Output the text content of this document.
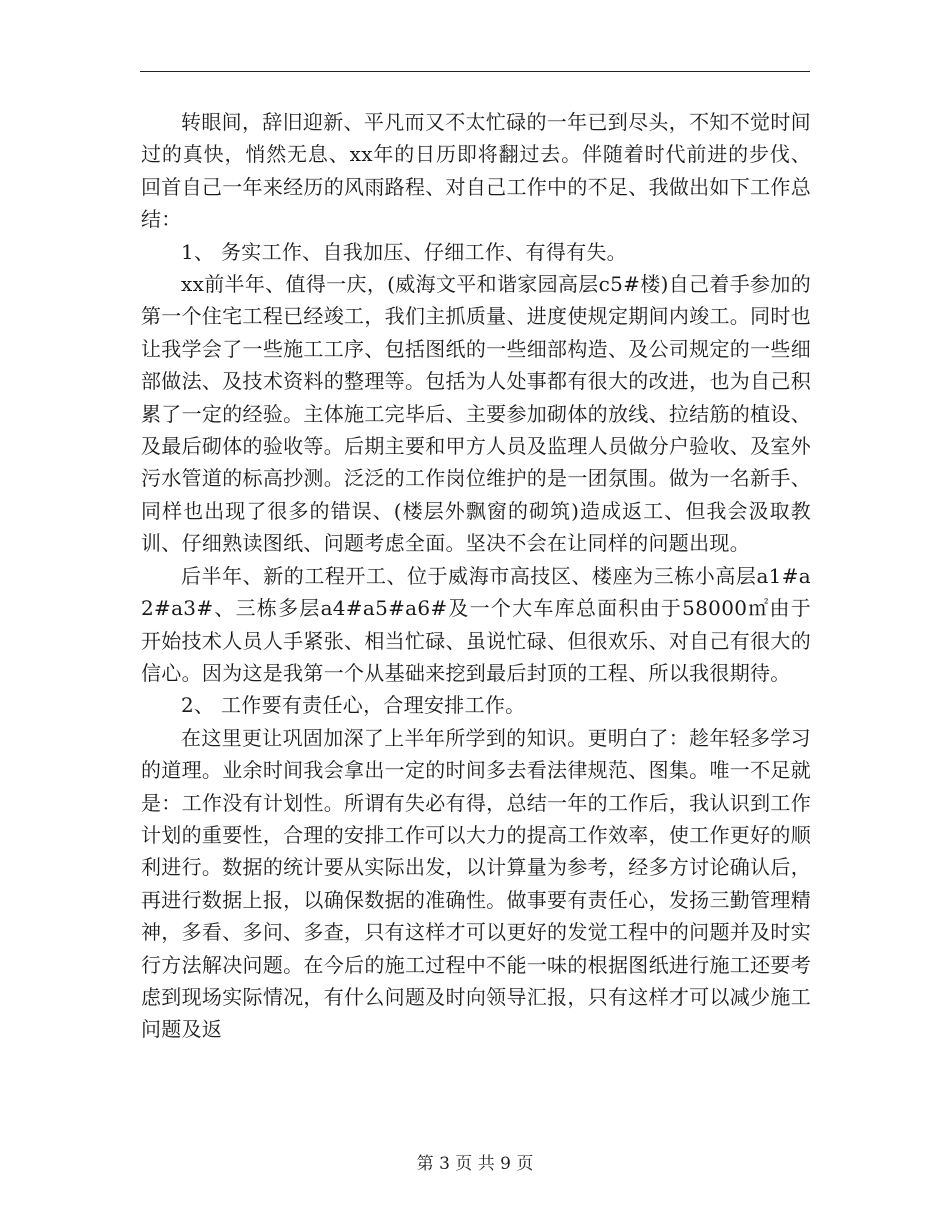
转眼间，辞旧迎新、平凡而又不太忙碌的一年已到尽头，不知不觉时间过的真快，悄然无息、xx年的日历即将翻过去。伴随着时代前进的步伐、回首自己一年来经历的风雨路程、对自己工作中的不足、我做出如下工作总结：

1、 务实工作、自我加压、仔细工作、有得有失。

xx前半年、值得一庆，(威海文平和谐家园高层c5#楼)自己着手参加的第一个住宅工程已经竣工，我们主抓质量、进度使规定期间内竣工。同时也让我学会了一些施工工序、包括图纸的一些细部构造、及公司规定的一些细部做法、及技术资料的整理等。包括为人处事都有很大的改进，也为自己积累了一定的经验。主体施工完毕后、主要参加砌体的放线、拉结筋的植设、及最后砌体的验收等。后期主要和甲方人员及监理人员做分户验收、及室外污水管道的标高抄测。泛泛的工作岗位维护的是一团氛围。做为一名新手、同样也出现了很多的错误、(楼层外飘窗的砌筑)造成返工、但我会汲取教训、仔细熟读图纸、问题考虑全面。坚决不会在让同样的问题出现。

后半年、新的工程开工、位于威海市高技区、楼座为三栋小高层a1#a2#a3#、三栋多层a4#a5#a6#及一个大车库总面积由于58000㎡由于开始技术人员人手紧张、相当忙碌、虽说忙碌、但很欢乐、对自己有很大的信心。因为这是我第一个从基础来挖到最后封顶的工程、所以我很期待。

2、 工作要有责任心，合理安排工作。

在这里更让巩固加深了上半年所学到的知识。更明白了：趁年轻多学习的道理。业余时间我会拿出一定的时间多去看法律规范、图集。唯一不足就是：工作没有计划性。所谓有失必有得，总结一年的工作后，我认识到工作计划的重要性，合理的安排工作可以大力的提高工作效率，使工作更好的顺利进行。数据的统计要从实际出发，以计算量为参考，经多方讨论确认后，再进行数据上报，以确保数据的准确性。做事要有责任心，发扬三勤管理精神，多看、多问、多查，只有这样才可以更好的发觉工程中的问题并及时实行方法解决问题。在今后的施工过程中不能一味的根据图纸进行施工还要考虑到现场实际情况，有什么问题及时向领导汇报，只有这样才可以减少施工问题及返

第 3 页 共 9 页
